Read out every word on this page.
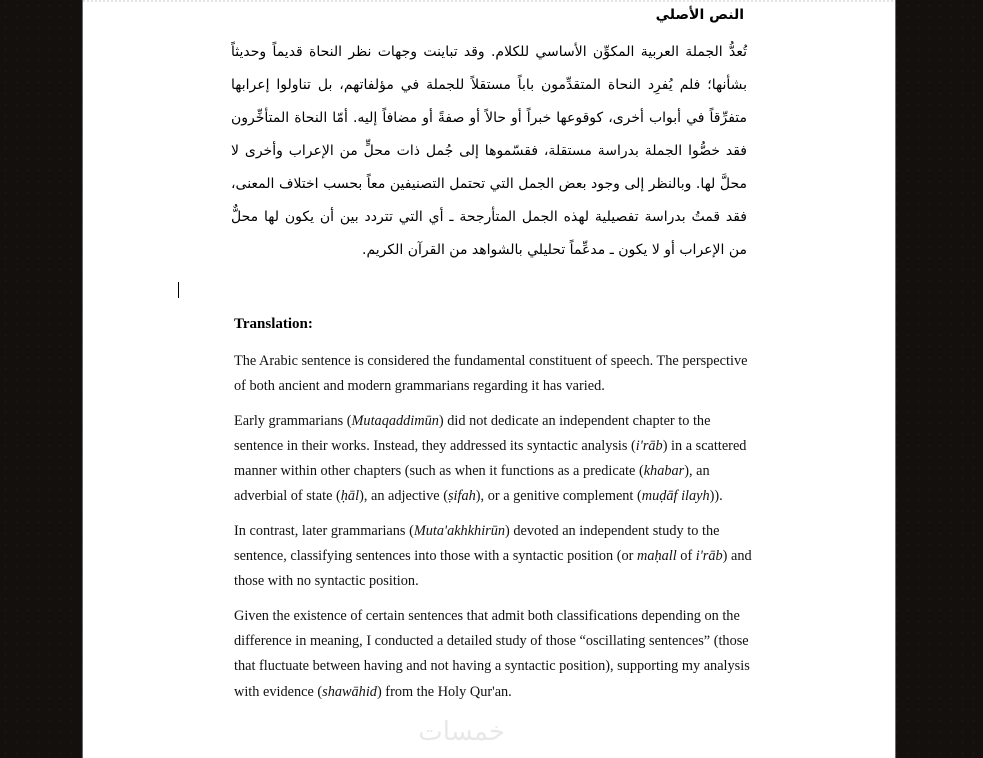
النص الأصلي
تُعدُّ الجملة العربية المكوِّن الأساسي للكلام. وقد تباينت وجهات نظر النحاة قديماً وحديثاً بشأنها؛ فلم يُفرِد النحاة المتقدِّمون باباً مستقلاً للجملة في مؤلفاتهم، بل تناولوا إعرابها متفرِّقاً في أبواب أخرى، كوقوعها خبراً أو حالاً أو صفةً أو مضافاً إليه. أمّا النحاة المتأخِّرون فقد خصُّوا الجملة بدراسة مستقلة، فقسّموها إلى جُمل ذات محلٍّ من الإعراب وأخرى لا محلَّ لها. وبالنظر إلى وجود بعض الجمل التي تحتمل التصنيفين معاً بحسب اختلاف المعنى، فقد قمتُ بدراسة تفصيلية لهذه الجمل المتأرجحة ـ أي التي تتردد بين أن يكون لها محلٌّ من الإعراب أو لا يكون ـ مدعِّماً تحليلي بالشواهد من القرآن الكريم.
Translation:

The Arabic sentence is considered the fundamental constituent of speech. The perspective of both ancient and modern grammarians regarding it has varied.

Early grammarians (Mutaqaddimūn) did not dedicate an independent chapter to the sentence in their works. Instead, they addressed its syntactic analysis (i'rāb) in a scattered manner within other chapters (such as when it functions as a predicate (khabar), an adverbial of state (ḥāl), an adjective (ṣifah), or a genitive complement (muḍāf ilayh)).

In contrast, later grammarians (Muta'akhkhirūn) devoted an independent study to the sentence, classifying sentences into those with a syntactic position (or maḥall of i'rāb) and those with no syntactic position.

Given the existence of certain sentences that admit both classifications depending on the difference in meaning, I conducted a detailed study of those “oscillating sentences” (those that fluctuate between having and not having a syntactic position), supporting my analysis with evidence (shawāhid) from the Holy Qur'an.

خمسات
